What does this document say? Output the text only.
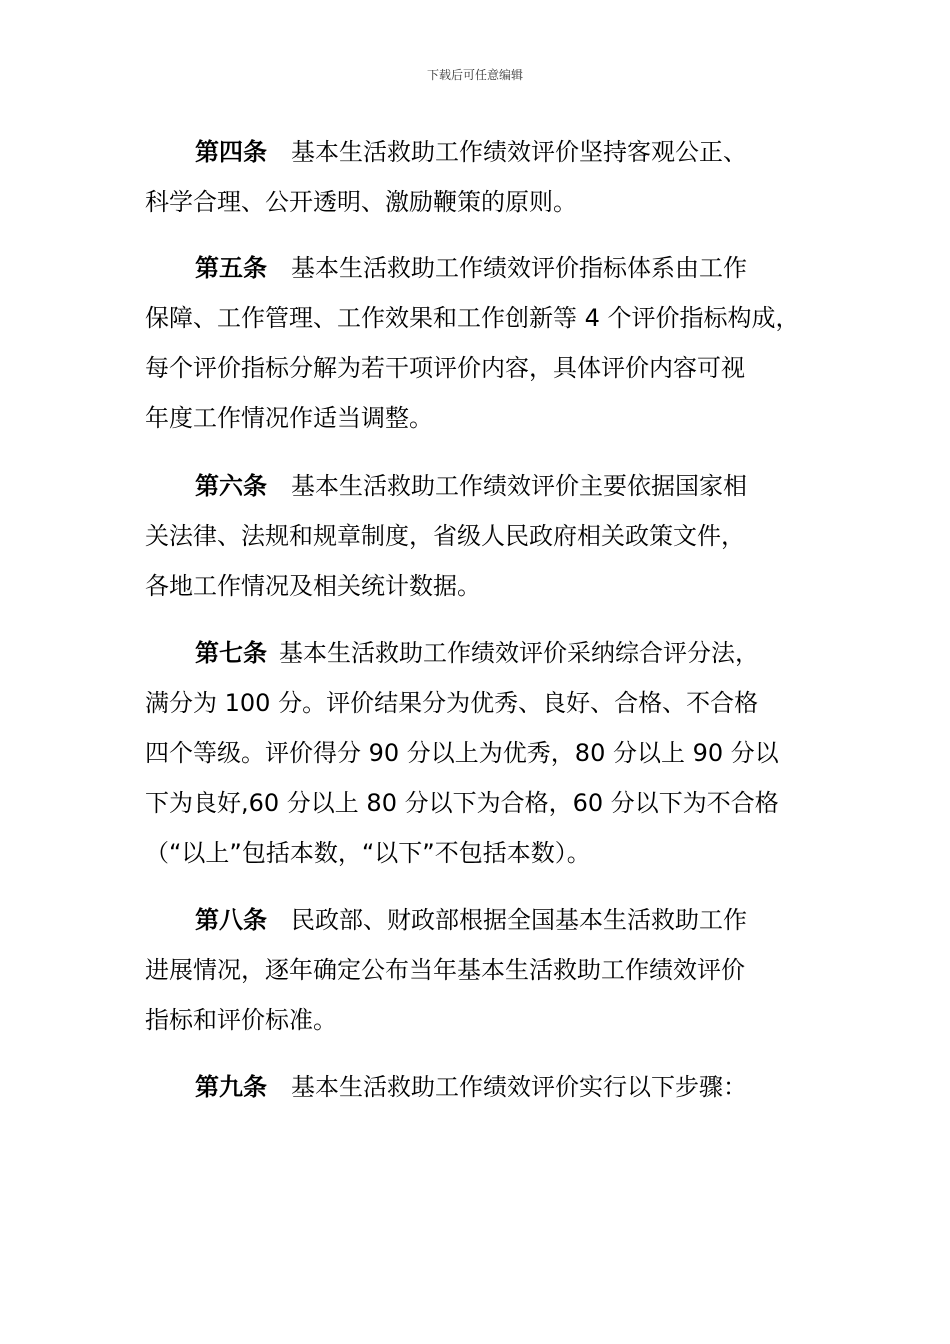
下载后可任意编辑
第四条 基本生活救助工作绩效评价坚持客观公正、
科学合理、公开透明、激励鞭策的原则。
第五条 基本生活救助工作绩效评价指标体系由工作
保障、工作管理、工作效果和工作创新等 4 个评价指标构成，
每个评价指标分解为若干项评价内容，具体评价内容可视
年度工作情况作适当调整。
第六条 基本生活救助工作绩效评价主要依据国家相
关法律、法规和规章制度，省级人民政府相关政策文件，
各地工作情况及相关统计数据。
第七条 基本生活救助工作绩效评价采纳综合评分法，
满分为 100 分。评价结果分为优秀、良好、合格、不合格
四个等级。评价得分 90 分以上为优秀，80 分以上 90 分以
下为良好,60 分以上 80 分以下为合格，60 分以下为不合格
（“以上”包括本数，“以下”不包括本数）。
第八条 民政部、财政部根据全国基本生活救助工作
进展情况，逐年确定公布当年基本生活救助工作绩效评价
指标和评价标准。
第九条 基本生活救助工作绩效评价实行以下步骤：
